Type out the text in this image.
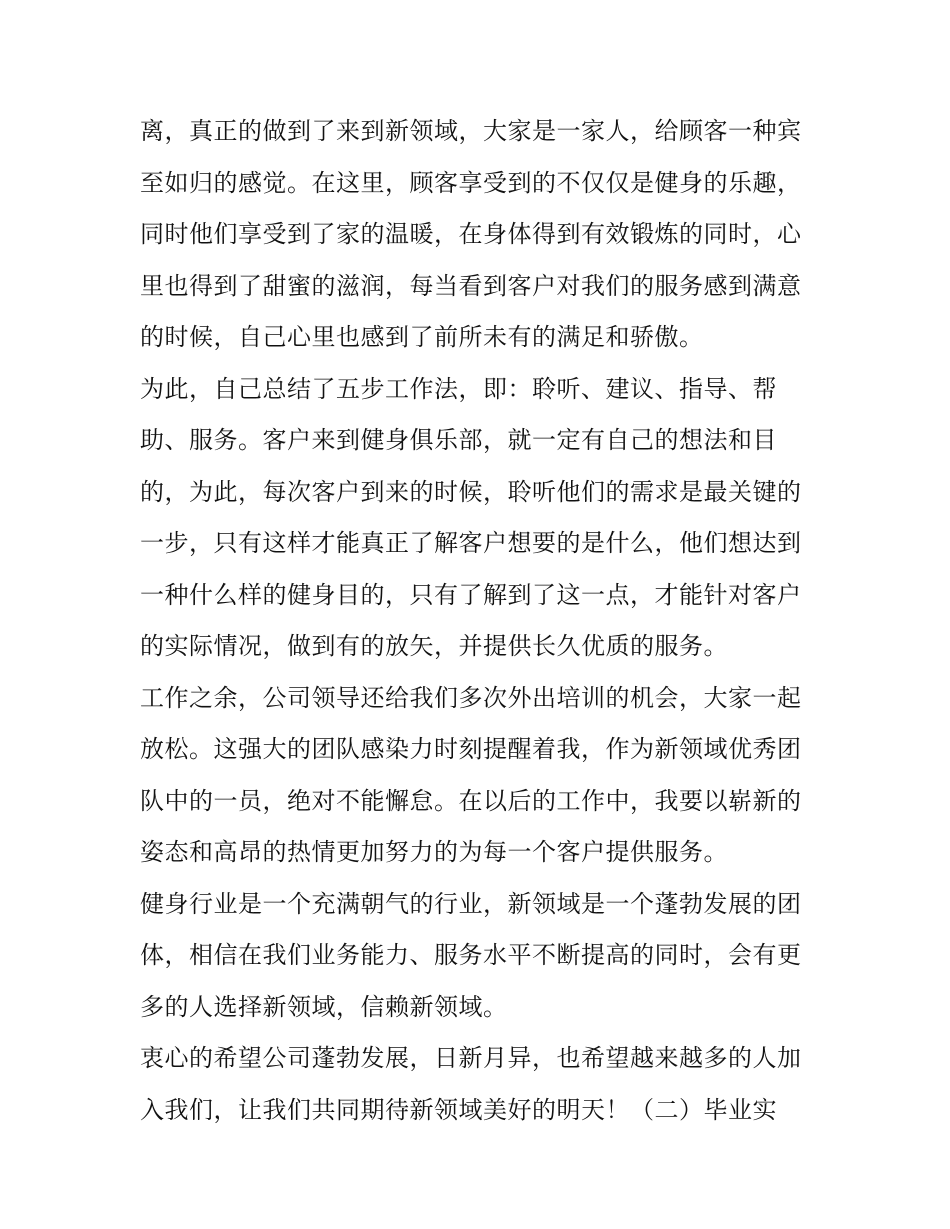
离，真正的做到了来到新领域，大家是一家人，给顾客一种宾
至如归的感觉。在这里，顾客享受到的不仅仅是健身的乐趣，
同时他们享受到了家的温暖，在身体得到有效锻炼的同时，心
里也得到了甜蜜的滋润，每当看到客户对我们的服务感到满意
的时候，自己心里也感到了前所未有的满足和骄傲。
为此，自己总结了五步工作法，即：聆听、建议、指导、帮
助、服务。客户来到健身俱乐部，就一定有自己的想法和目
的，为此，每次客户到来的时候，聆听他们的需求是最关键的
一步，只有这样才能真正了解客户想要的是什么，他们想达到
一种什么样的健身目的，只有了解到了这一点，才能针对客户
的实际情况，做到有的放矢，并提供长久优质的服务。
工作之余，公司领导还给我们多次外出培训的机会，大家一起
放松。这强大的团队感染力时刻提醒着我，作为新领域优秀团
队中的一员，绝对不能懈怠。在以后的工作中，我要以崭新的
姿态和高昂的热情更加努力的为每一个客户提供服务。
健身行业是一个充满朝气的行业，新领域是一个蓬勃发展的团
体，相信在我们业务能力、服务水平不断提高的同时，会有更
多的人选择新领域，信赖新领域。
衷心的希望公司蓬勃发展，日新月异，也希望越来越多的人加
入我们，让我们共同期待新领域美好的明天！（二）毕业实
